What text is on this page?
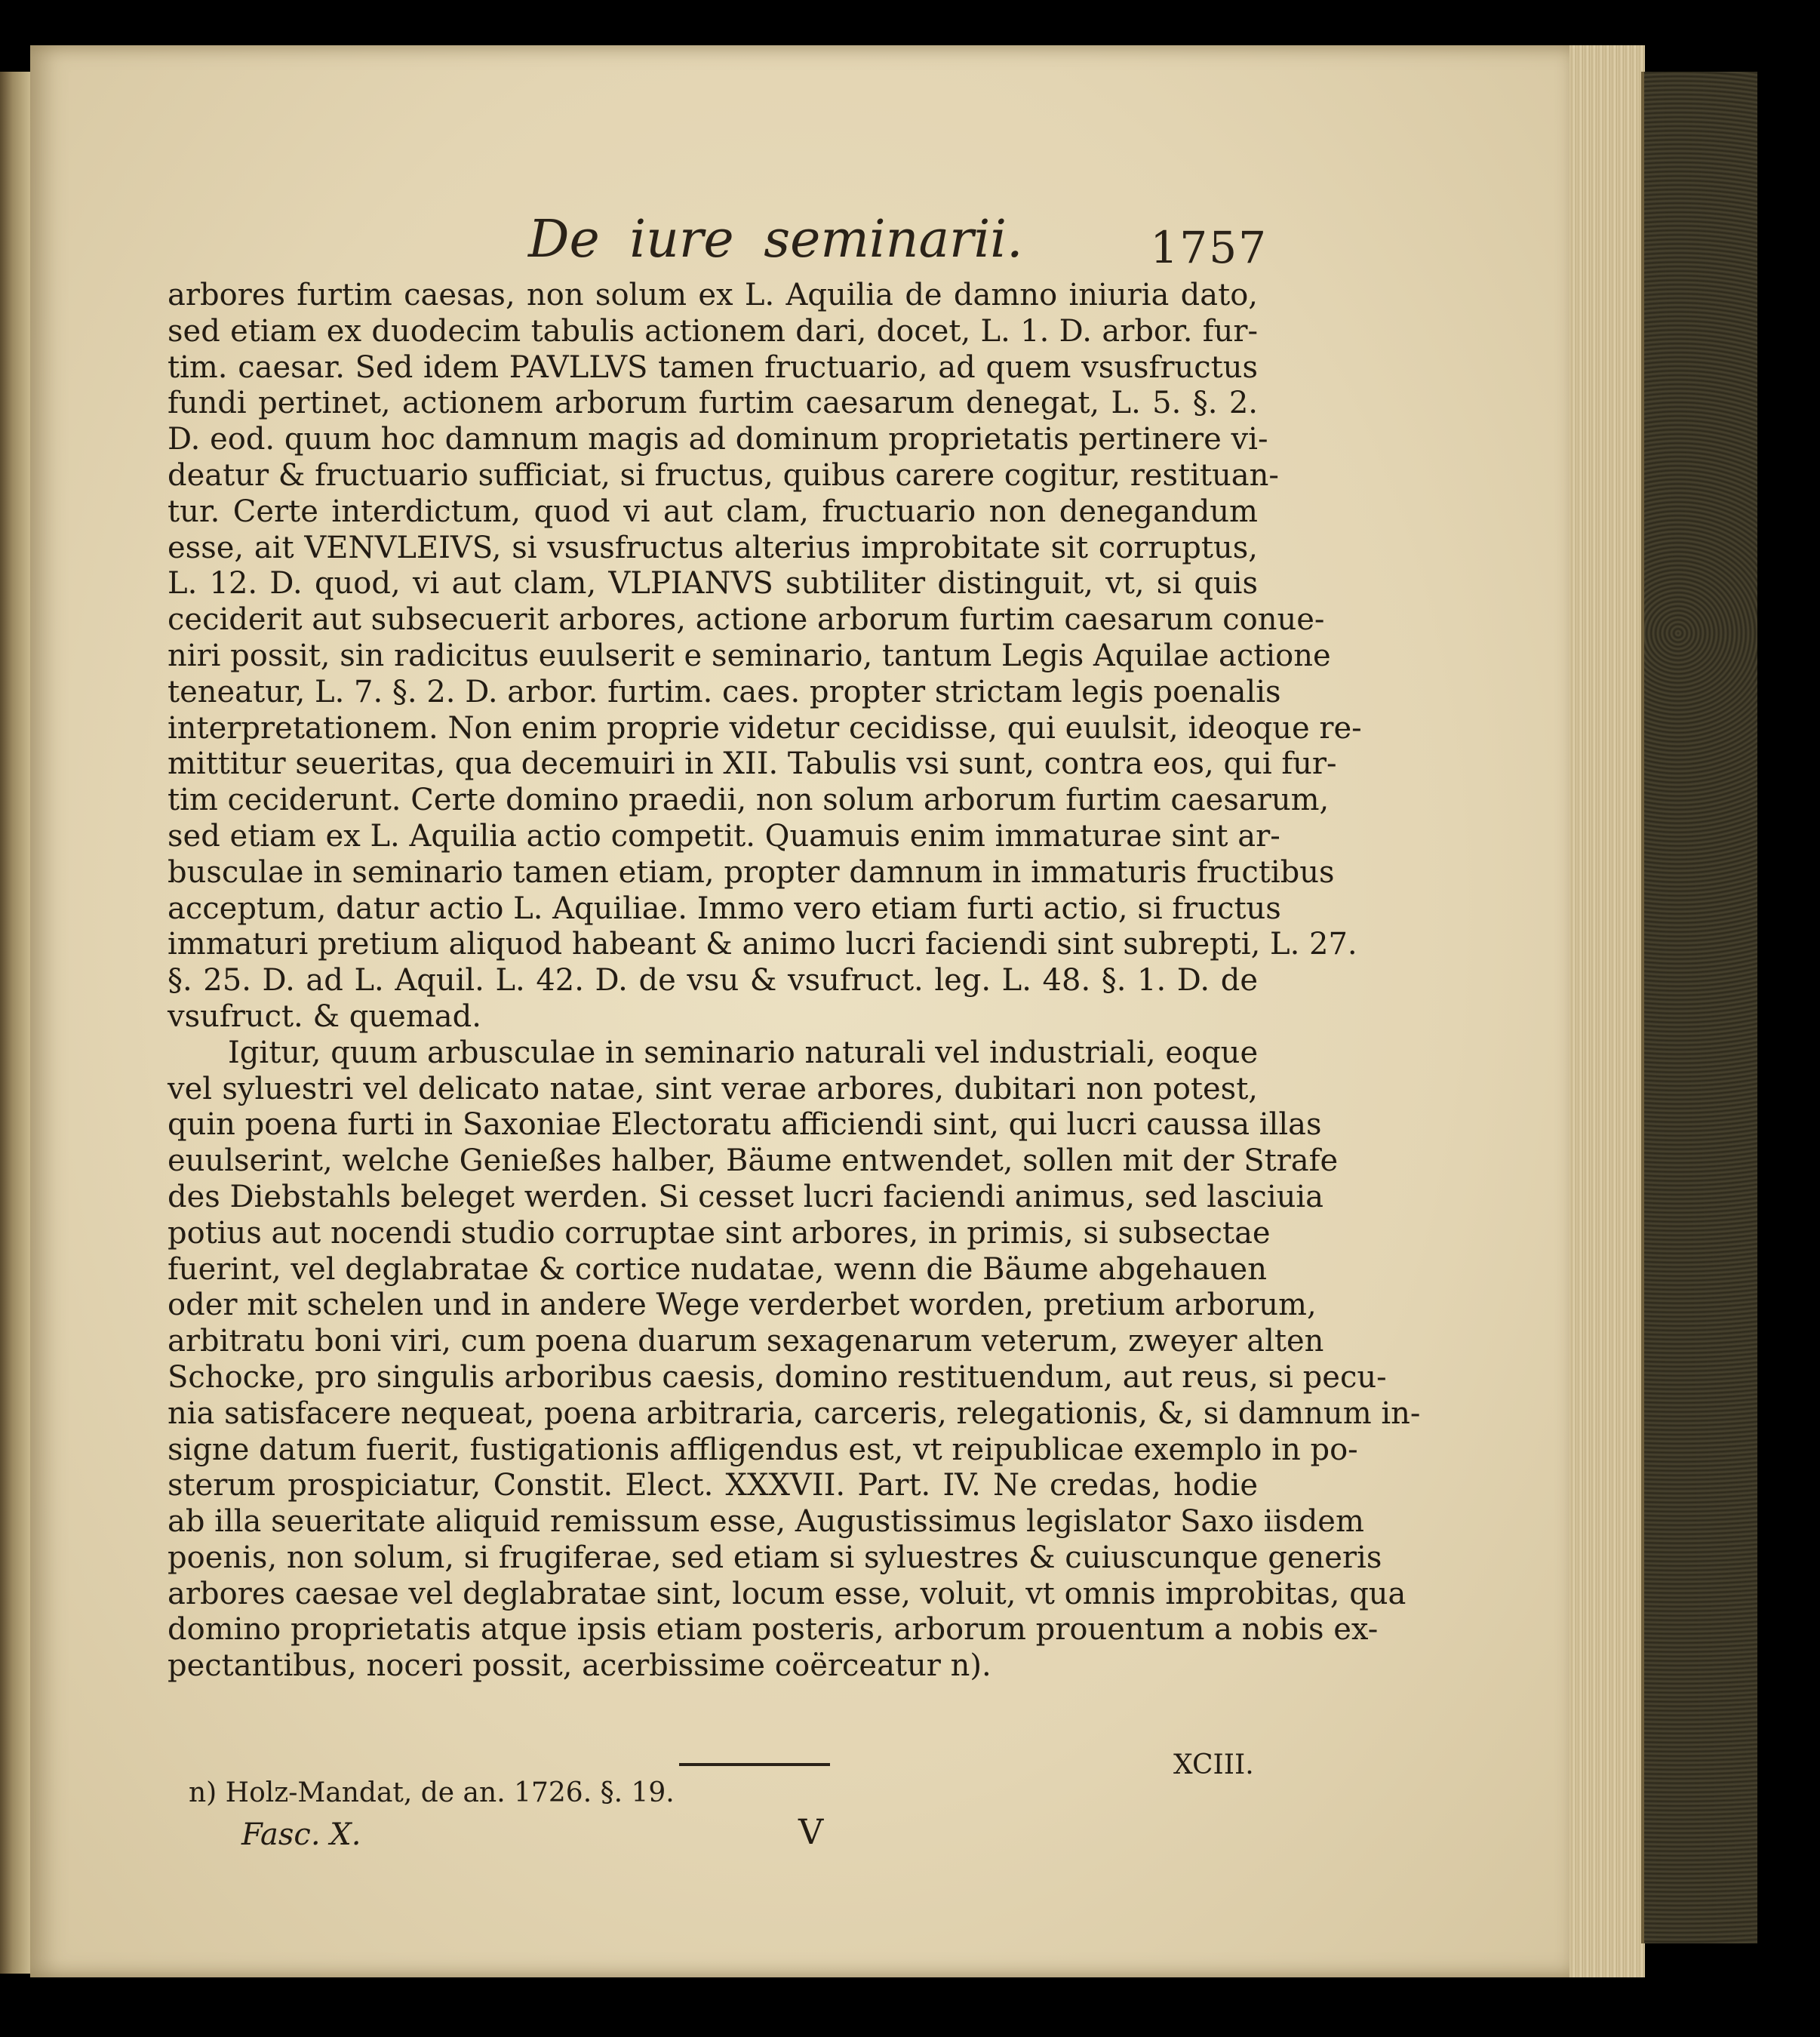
De iure seminarii.	1757
arbores furtim caesas, non solum ex L. Aquilia de damno iniuria dato,
sed etiam ex duodecim tabulis actionem dari, docet, L. 1. D. arbor. fur-
tim. caesar. Sed idem PAVLLVS tamen fructuario, ad quem vsusfructus
fundi pertinet, actionem arborum furtim caesarum denegat, L. 5. §. 2.
D. eod. quum hoc damnum magis ad dominum proprietatis pertinere vi-
deatur & fructuario sufficiat, si fructus, quibus carere cogitur, restituan-
tur. Certe interdictum, quod vi aut clam, fructuario non denegandum
esse, ait VENVLEIVS, si vsusfructus alterius improbitate sit corruptus,
L. 12. D. quod, vi aut clam, VLPIANVS subtiliter distinguit, vt, si quis
ceciderit aut subsecuerit arbores, actione arborum furtim caesarum conue-
niri possit, sin radicitus euulserit e seminario, tantum Legis Aquilae actione
teneatur, L. 7. §. 2. D. arbor. furtim. caes. propter strictam legis poenalis
interpretationem. Non enim proprie videtur cecidisse, qui euulsit, ideoque re-
mittitur seueritas, qua decemuiri in XII. Tabulis vsi sunt, contra eos, qui fur-
tim ceciderunt. Certe domino praedii, non solum arborum furtim caesarum,
sed etiam ex L. Aquilia actio competit. Quamuis enim immaturae sint ar-
busculae in seminario tamen etiam, propter damnum in immaturis fructibus
acceptum, datur actio L. Aquiliae. Immo vero etiam furti actio, si fructus
immaturi pretium aliquod habeant & animo lucri faciendi sint subrepti, L. 27.
§. 25. D. ad L. Aquil. L. 42. D. de vsu & vsufruct. leg. L. 48. §. 1. D. de
vsufruct. & quemad.
Igitur, quum arbusculae in seminario naturali vel industriali, eoque
vel syluestri vel delicato natae, sint verae arbores, dubitari non potest,
quin poena furti in Saxoniae Electoratu afficiendi sint, qui lucri caussa illas
euulserint, welche Genießes halber, Bäume entwendet, sollen mit der Strafe
des Diebstahls beleget werden. Si cesset lucri faciendi animus, sed lasciuia
potius aut nocendi studio corruptae sint arbores, in primis, si subsectae
fuerint, vel deglabratae & cortice nudatae, wenn die Bäume abgehauen
oder mit schelen und in andere Wege verderbet worden, pretium arborum,
arbitratu boni viri, cum poena duarum sexagenarum veterum, zweyer alten
Schocke, pro singulis arboribus caesis, domino restituendum, aut reus, si pecu-
nia satisfacere nequeat, poena arbitraria, carceris, relegationis, &, si damnum in-
signe datum fuerit, fustigationis affligendus est, vt reipublicae exemplo in po-
sterum prospiciatur, Constit. Elect. XXXVII. Part. IV. Ne credas, hodie
ab illa seueritate aliquid remissum esse, Augustissimus legislator Saxo iisdem
poenis, non solum, si frugiferae, sed etiam si syluestres & cuiuscunque generis
arbores caesae vel deglabratae sint, locum esse, voluit, vt omnis improbitas, qua
domino proprietatis atque ipsis etiam posteris, arborum prouentum a nobis ex-
pectantibus, noceri possit, acerbissime coërceatur n).
XCIII.
n) Holz-Mandat, de an. 1726. §. 19.
Fasc. X.	V
